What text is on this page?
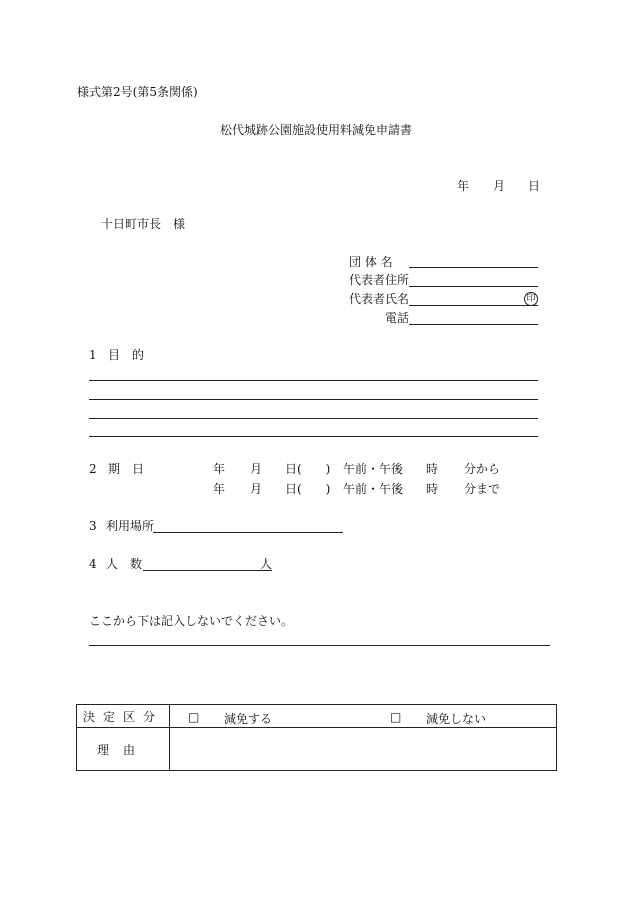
様式第2号(第5条関係)
松代城跡公園施設使用料減免申請書
年 月 日
十日町市長　様
団 体 名
代表者住所
代表者氏名	印
電話
1 目　的
2 期　日	年 月 日(　　) 午前・午後 時 分から
年 月 日(　　) 午前・午後 時 分まで
3 利用場所
4 人　数	人
ここから下は記入しないでください。
決定区分	□ 減免する □ 減免しない

理由	
